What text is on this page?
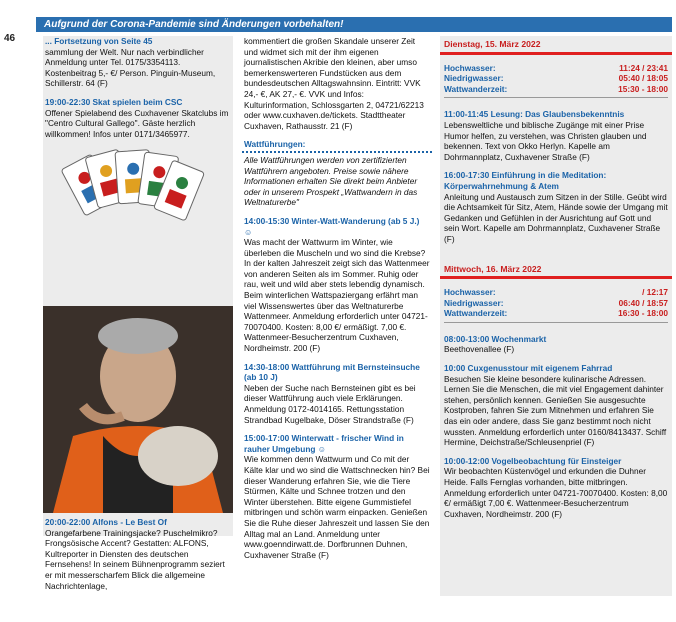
Aufgrund der Corona-Pandemie sind Änderungen vorbehalten!
46	... Fortsetzung von Seite 45

sammlung der Welt. Nur nach verbindlicher Anmeldung unter Tel. 0175/3354113. Kostenbeitrag 5,- €/ Person. Pinguin-Museum, Schillerstr. 64 (F)

19:00-22:30 Skat spielen beim CSC

Offener Spielabend des Cuxhavener Skatclubs im "Centro Cultural Gallego". Gäste herzlich willkommen! Infos unter 0171/3465977.

20:00-22:00 Alfons - Le Best Of

Orangefarbene Trainingsjacke? Puschelmikro? Frongsösische Accent? Gestatten: ALFONS, Kultreporter in Diensten des deutschen Fernsehens! In seinem Bühnenprogramm seziert er mit messerscharfem Blick die allgemeine Nachrichtenlage,

kommentiert die großen Skandale unserer Zeit und widmet sich mit der ihm eigenen journalistischen Akribie den kleinen, aber umso bemerkenswerteren Fundstücken aus dem bundesdeutschen Alltagswahnsinn. Eintritt: VVK 24,- €, AK 27,- €. VVK und Infos: Kulturinformation, Schlossgarten 2, 04721/62213 oder www.cuxhaven.de/tickets. Stadttheater Cuxhaven, Rathausstr. 21 (F)

Wattführungen:

Alle Wattführungen werden von zertifizierten Wattführern angeboten. Preise sowie nähere Informationen erhalten Sie direkt beim Anbieter oder in unserem Prospekt „Wattwandern in das Weltnaturerbe"

14:00-15:30 Winter-Watt-Wanderung (ab 5 J.) ☺

Was macht der Wattwurm im Winter, wie überleben die Muscheln und wo sind die Krebse? In der kalten Jahreszeit zeigt sich das Wattenmeer von anderen Seiten als im Sommer. Ruhig oder rau, weit und wild aber stets lebendig dynamisch. Beim winterlichen Wattspaziergang erfährt man viel Wissenswertes über das Weltnaturerbe Wattenmeer. Anmeldung erforderlich unter 04721-70070400. Kosten: 8,00 €/ ermäßigt. 7,00 €. Wattenmeer-Besucherzentrum Cuxhaven, Nordheimstr. 200 (F)

14:30-18:00 Wattführung mit Bernsteinsuche (ab 10 J)

Neben der Suche nach Bernsteinen gibt es bei dieser Wattführung auch viele Erklärungen. Anmeldung 0172-4014165. Rettungsstation Strandbad Kugelbake, Döser Strandstraße (F)

15:00-17:00 Winterwatt - frischer Wind in rauher Umgebung ☺

Wie kommen denn Wattwurm und Co mit der Kälte klar und wo sind die Wattschnecken hin? Bei dieser Wanderung erfahren Sie, wie die Tiere Stürmen, Kälte und Schnee trotzen und den Winter überstehen. Bitte eigene Gummistiefel mitbringen und schön warm einpacken. Genießen Sie die Ruhe dieser Jahreszeit und lassen Sie den Alltag mal an Land. Anmeldung unter www.goenndirwatt.de. Dorfbrunnen Duhnen, Cuxhavener Straße (F)

Dienstag, 15. März 2022
Hochwasser:	11:24 / 23:41
Niedrigwasser:	05:40 / 18:05
Wattwanderzeit:	15:30 - 18:00

11:00-11:45 Lesung: Das Glaubensbekenntnis

Lebensweltliche und biblische Zugänge mit einer Prise Humor helfen, zu verstehen, was Christen glauben und bekennen. Text von Okko Herlyn. Kapelle am Dohrmannplatz, Cuxhavener Straße (F)

16:00-17:30 Einführung in die Meditation: Körperwahrnehmung & Atem

Anleitung und Austausch zum Sitzen in der Stille. Geübt wird die Achtsamkeit für Sitz, Atem, Hände sowie der Umgang mit Gedanken und Gefühlen in der Ausrichtung auf Gott und sein Wort. Kapelle am Dohrmannplatz, Cuxhavener Straße (F)

Mittwoch, 16. März 2022
Hochwasser:	/ 12:17
Niedrigwasser:	06:40 / 18:57
Wattwanderzeit:	16:30 - 18:00

08:00-13:00 Wochenmarkt

Beethovenallee (F)

10:00 Cuxgenusstour mit eigenem Fahrrad

Besuchen Sie kleine besondere kulinarische Adressen. Lernen Sie die Menschen, die mit viel Engagement dahinter stehen, persönlich kennen. Genießen Sie ausgesuchte Kostproben, fahren Sie zum Mitnehmen und erfahren Sie das ein oder andere, dass Sie ganz bestimmt noch nicht wussten. Anmeldung erforderlich unter 0160/8413437. Schiff Hermine, Deichstraße/Schleusenpriel (F)

10:00-12:00 Vogelbeobachtung für Einsteiger

Wir beobachten Küstenvögel und erkunden die Duhner Heide. Falls Fernglas vorhanden, bitte mitbringen. Anmeldung erforderlich unter 04721-70070400. Kosten: 8,00 €/ ermäßigt 7,00 €. Wattenmeer-Besucherzentrum Cuxhaven, Nordheimstr. 200 (F)
